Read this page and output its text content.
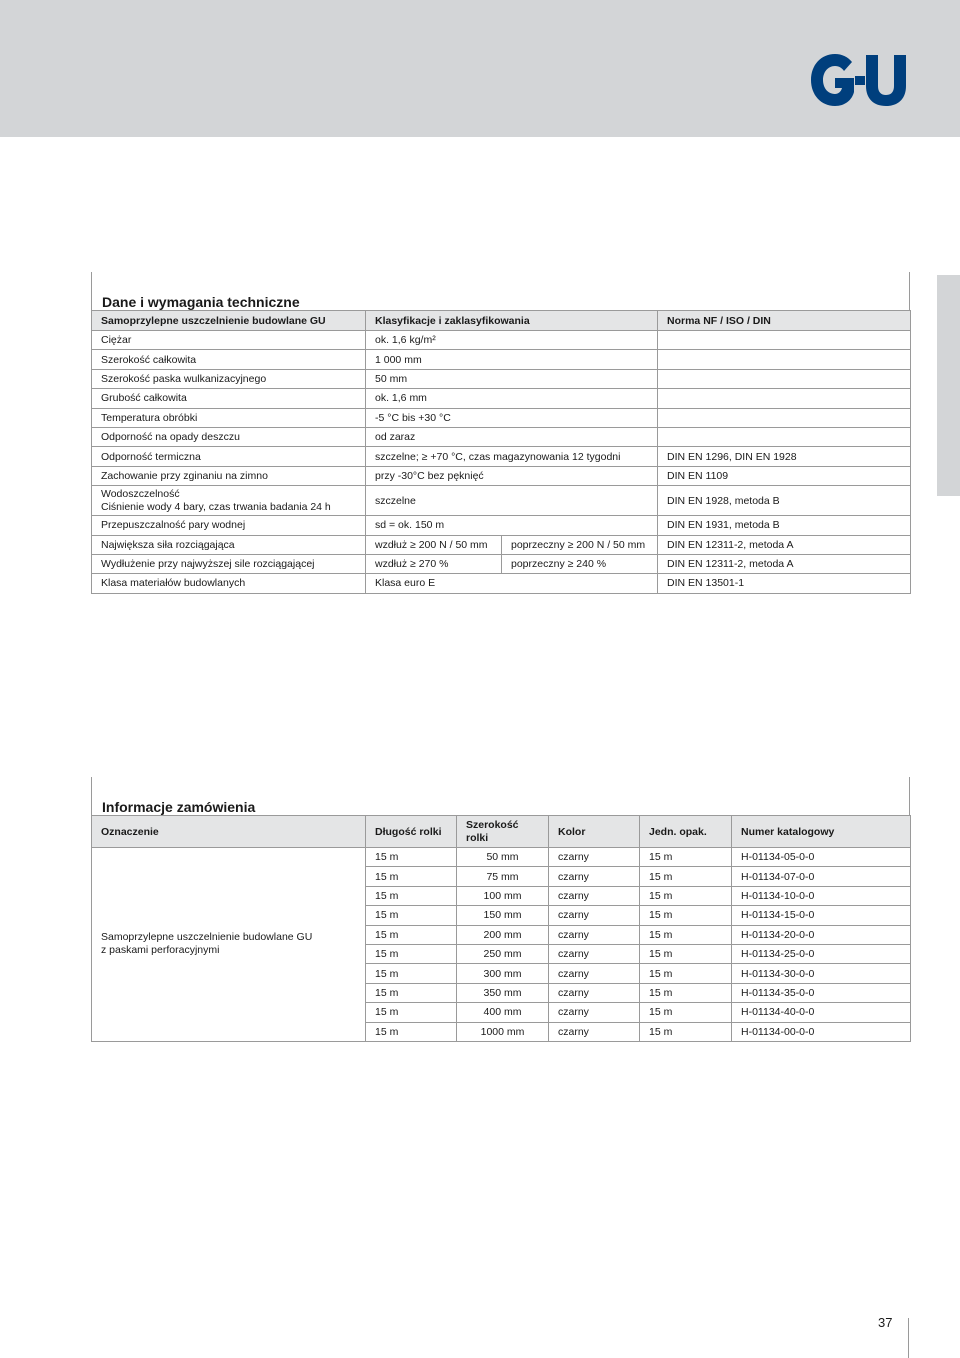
Dane i wymagania techniczne
Samoprzylepne uszczelnienie budowlane GU	Klasyfikacje i zaklasyfikowania		Norma NF / ISO / DIN
Ciężar	ok. 1,6 kg/m²		
Szerokość całkowita	1 000 mm		
Szerokość paska wulkanizacyjnego	50 mm		
Grubość całkowita	ok. 1,6 mm		
Temperatura obróbki	-5 °C bis +30 °C		
Odporność na opady deszczu	od zaraz		
Odporność termiczna	szczelne; ≥ +70 °C, czas magazynowania 12 tygodni		DIN EN 1296, DIN EN 1928
Zachowanie przy zginaniu na zimno	przy -30°C bez pęknięć		DIN EN 1109

Wodoszczelność
Ciśnienie wody 4 bary, czas trwania badania 24 h	szczelne		DIN EN 1928, metoda B
Przepuszczalność pary wodnej	sd = ok. 150 m		DIN EN 1931, metoda B
Największa siła rozciągająca	wzdłuż ≥ 200 N / 50 mm	poprzeczny ≥ 200 N / 50 mm	DIN EN 12311-2, metoda A
Wydłużenie przy najwyższej sile rozciągającej	wzdłuż ≥ 270 %	poprzeczny ≥ 240 %	DIN EN 12311-2, metoda A
Klasa materiałów budowlanych	Klasa euro E		DIN EN 13501-1
Informacje zamówienia
Oznaczenie	Długość rolki	Szerokość rolki	Kolor	Jedn. opak.	Numer katalogowy

Samoprzylepne uszczelnienie budowlane GU
z paskami perforacyjnymi	15 m	50 mm	czarny	15 m	H-01134-05-0-0
	15 m	75 mm	czarny	15 m	H-01134-07-0-0
	15 m	100 mm	czarny	15 m	H-01134-10-0-0
	15 m	150 mm	czarny	15 m	H-01134-15-0-0
	15 m	200 mm	czarny	15 m	H-01134-20-0-0
	15 m	250 mm	czarny	15 m	H-01134-25-0-0
	15 m	300 mm	czarny	15 m	H-01134-30-0-0
	15 m	350 mm	czarny	15 m	H-01134-35-0-0
	15 m	400 mm	czarny	15 m	H-01134-40-0-0
	15 m	1000 mm	czarny	15 m	H-01134-00-0-0
37
